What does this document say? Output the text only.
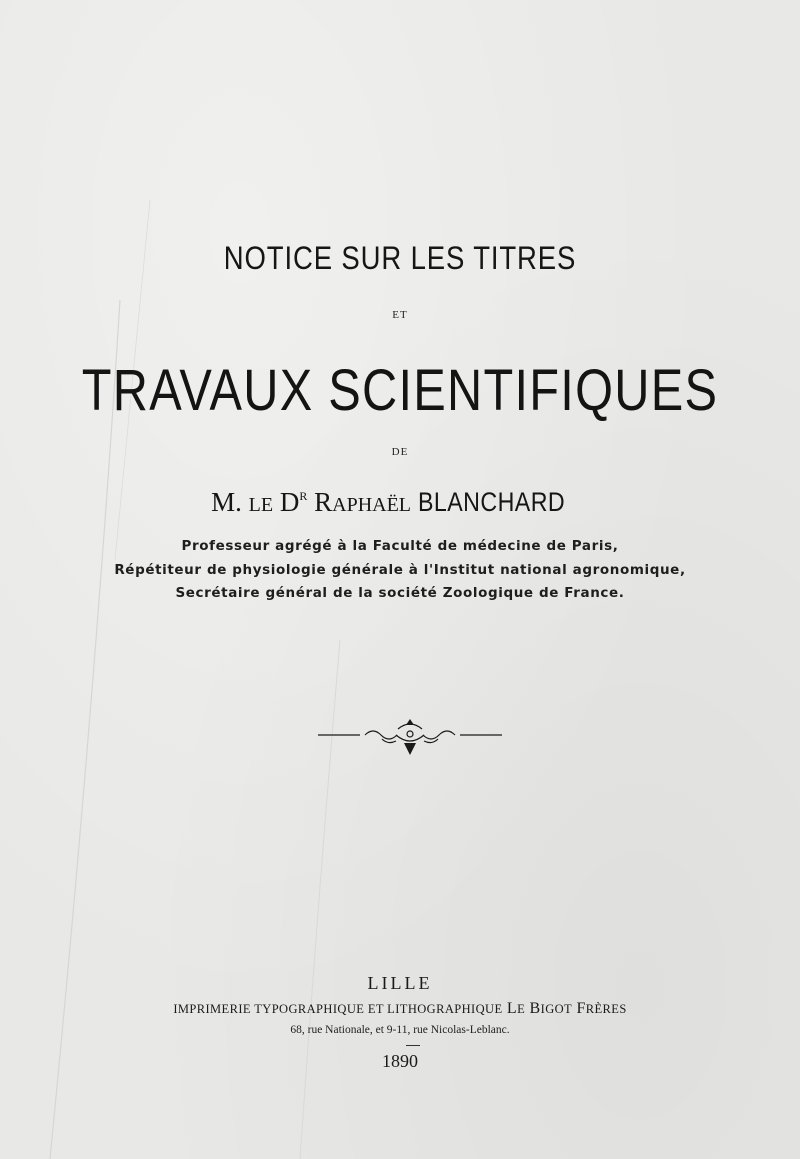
NOTICE SUR LES TITRES
ET
TRAVAUX SCIENTIFIQUES
DE
M. LE $D^R$ RAPHAËL BLANCHARD
Professeur agrégé à la Faculté de médecine de Paris,
Répétiteur de physiologie générale à l'Institut national agronomique,
Secrétaire général de la société Zoologique de France.
LILLE
IMPRIMERIE TYPOGRAPHIQUE ET LITHOGRAPHIQUE LE BIGOT FRÈRES
68, rue Nationale, et 9-11, rue Nicolas-Leblanc.
1890
